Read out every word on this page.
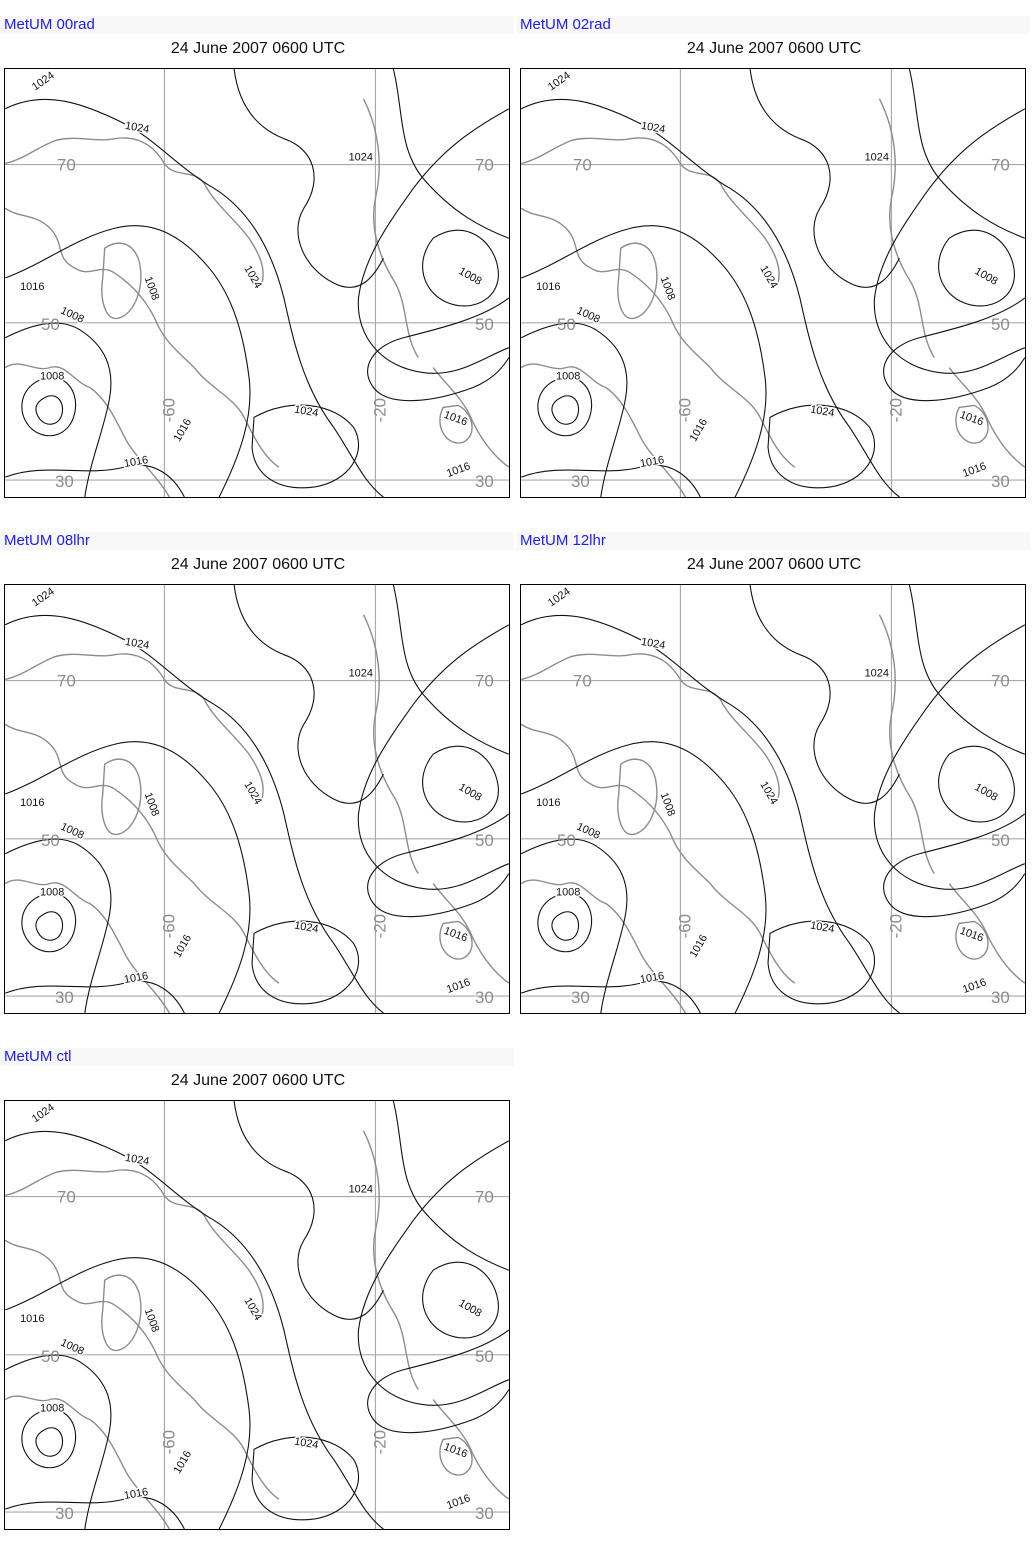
MetUM 00rad
24 June 2007 0600 UTC
70	70
50	50
30	30
-60	-20
1024
1024
1016
1008
1008	1024
1024
1016
1016
1008
1016
1016
1008
1024
MetUM 02rad
24 June 2007 0600 UTC
70	70
50	50
30	30
-60	-20
1024
1024
1016
1008
1008	1024
1024
1016
1016
1008
1016
1016
1008
1024
MetUM 08lhr
24 June 2007 0600 UTC
70	70
50	50
30	30
-60	-20
1024
1024
1016
1008
1008	1024
1024
1016
1016
1008
1016
1016
1008
1024
MetUM 12lhr
24 June 2007 0600 UTC
70	70
50	50
30	30
-60	-20
1024
1024
1016
1008
1008	1024
1024
1016
1016
1008
1016
1016
1008
1024
MetUM ctl
24 June 2007 0600 UTC
70	70
50	50
30	30
-60	-20
1024
1024
1016
1008
1008	1024
1024
1016
1016
1008
1016
1016
1008
1024
